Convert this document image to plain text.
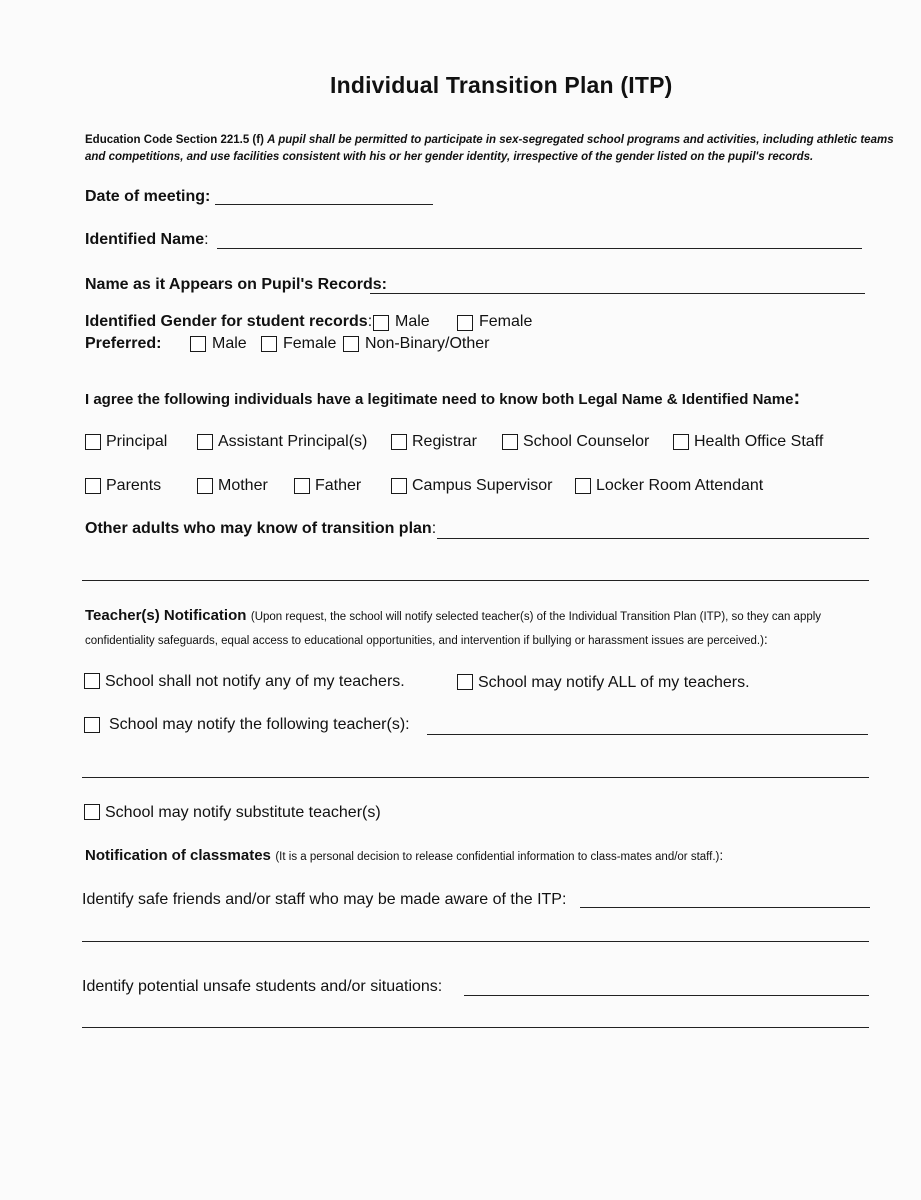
Individual Transition Plan (ITP)
Education Code Section 221.5 (f) A pupil shall be permitted to participate in sex-segregated school programs and activities, including athletic teams
and competitions, and use facilities consistent with his or her gender identity, irrespective of the gender listed on the pupil's records.
Date of meeting:
Identified Name:
Name as it Appears on Pupil's Records:
Identified Gender for student records: Male	Female
Preferred:	Male Female Non-Binary/Other
I agree the following individuals have a legitimate need to know both Legal Name & Identified Name:
Principal	Assistant Principal(s)	Registrar	School Counselor	Health Office Staff
Parents	Mother	Father	Campus Supervisor	Locker Room Attendant
Other adults who may know of transition plan:
Teacher(s) Notification (Upon request, the school will notify selected teacher(s) of the Individual Transition Plan (ITP), so they can apply
confidentiality safeguards, equal access to educational opportunities, and intervention if bullying or harassment issues are perceived.):
School shall not notify any of my teachers.	School may notify ALL of my teachers.
School may notify the following teacher(s):
School may notify substitute teacher(s)
Notification of classmates (It is a personal decision to release confidential information to class-mates and/or staff.):
Identify safe friends and/or staff who may be made aware of the ITP:
Identify potential unsafe students and/or situations:
